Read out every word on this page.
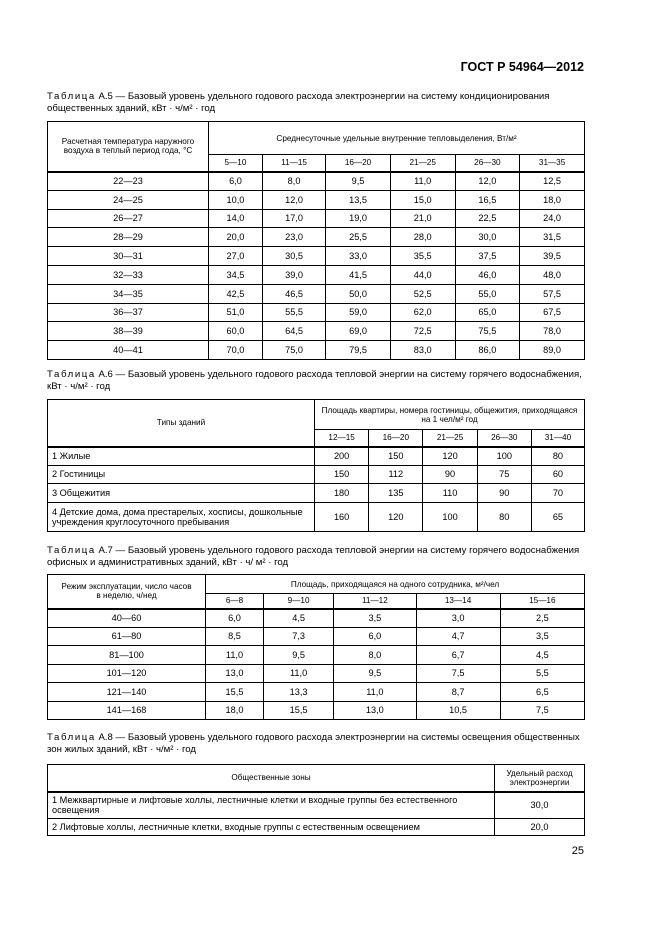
ГОСТ Р 54964—2012
Таблица А.5 — Базовый уровень удельного годового расхода электроэнергии на систему кондиционирования общественных зданий, кВт · ч/м² · год
Расчетная температура наружного воздуха в теплый период года, °С	Среднесуточные удельные внутренние тепловыделения, Вт/м²					
	5—10	11—15	16—20	21—25	26—30	31—35
22—23	6,0	8,0	9,5	11,0	12,0	12,5
24—25	10,0	12,0	13,5	15,0	16,5	18,0
26—27	14,0	17,0	19,0	21,0	22,5	24,0
28—29	20,0	23,0	25,5	28,0	30,0	31,5
30—31	27,0	30,5	33,0	35,5	37,5	39,5
32—33	34,5	39,0	41,5	44,0	46,0	48,0
34—35	42,5	46,5	50,0	52,5	55,0	57,5
36—37	51,0	55,5	59,0	62,0	65,0	67,5
38—39	60,0	64,5	69,0	72,5	75,5	78,0
40—41	70,0	75,0	79,5	83,0	86,0	89,0
Таблица А.6 — Базовый уровень удельного годового расхода тепловой энергии на систему горячего водоснабжения, кВт · ч/м² · год
Типы зданий	Площадь квартиры, номера гостиницы, общежития, приходящаяся на 1 чел/м² год				
	12—15	16—20	21—25	26—30	31—40
1 Жилые	200	150	120	100	80
2 Гостиницы	150	112	90	75	60
3 Общежития	180	135	110	90	70
4 Детские дома, дома престарелых, хосписы, дошкольные учреждения круглосуточного пребывания	160	120	100	80	65
Таблица А.7 — Базовый уровень удельного годового расхода тепловой энергии на систему горячего водоснабжения офисных и административных зданий, кВт · ч/ м² · год
Режим эксплуатации, число часов в неделю, ч/нед	Площадь, приходящаяся на одного сотрудника, м²/чел				
	6—8	9—10	11—12	13—14	15—16
40—60	6,0	4,5	3,5	3,0	2,5
61—80	8,5	7,3	6,0	4,7	3,5
81—100	11,0	9,5	8,0	6,7	4,5
101—120	13,0	11,0	9,5	7,5	5,5
121—140	15,5	13,3	11,0	8,7	6,5
141—168	18,0	15,5	13,0	10,5	7,5
Таблица А.8 — Базовый уровень удельного годового расхода электроэнергии на системы освещения общественных зон жилых зданий, кВт · ч/м² · год
Общественные зоны	Удельный расход электроэнергии
1 Межквартирные и лифтовые холлы, лестничные клетки и входные группы без естественного освещения	30,0
2 Лифтовые холлы, лестничные клетки, входные группы с естественным освещением	20,0
25
